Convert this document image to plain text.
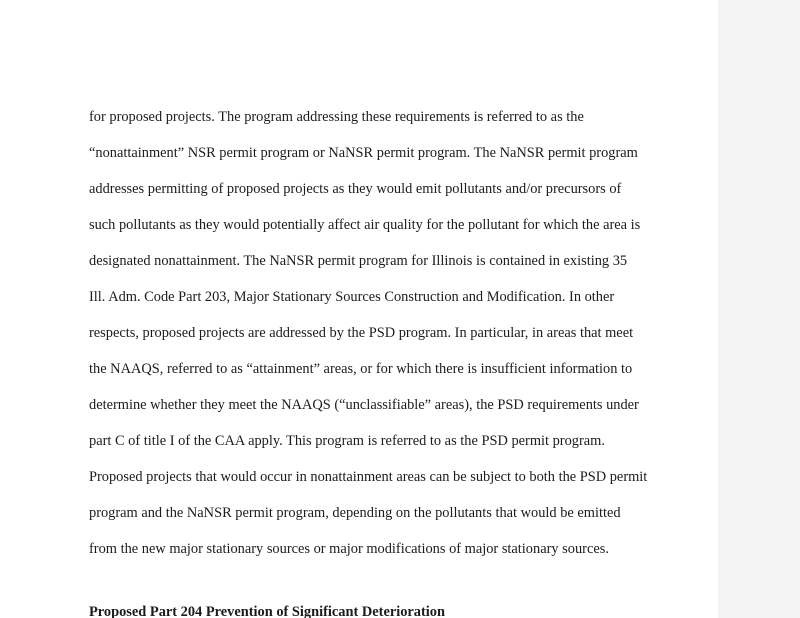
for proposed projects. The program addressing these requirements is referred to as the
“nonattainment” NSR permit program or NaNSR permit program. The NaNSR permit program
addresses permitting of proposed projects as they would emit pollutants and/or precursors of
such pollutants as they would potentially affect air quality for the pollutant for which the area is
designated nonattainment. The NaNSR permit program for Illinois is contained in existing 35
Ill. Adm. Code Part 203, Major Stationary Sources Construction and Modification. In other
respects, proposed projects are addressed by the PSD program. In particular, in areas that meet
the NAAQS, referred to as “attainment” areas, or for which there is insufficient information to
determine whether they meet the NAAQS (“unclassifiable” areas), the PSD requirements under
part C of title I of the CAA apply. This program is referred to as the PSD permit program.
Proposed projects that would occur in nonattainment areas can be subject to both the PSD permit
program and the NaNSR permit program, depending on the pollutants that would be emitted
from the new major stationary sources or major modifications of major stationary sources.
Proposed Part 204 Prevention of Significant Deterioration
